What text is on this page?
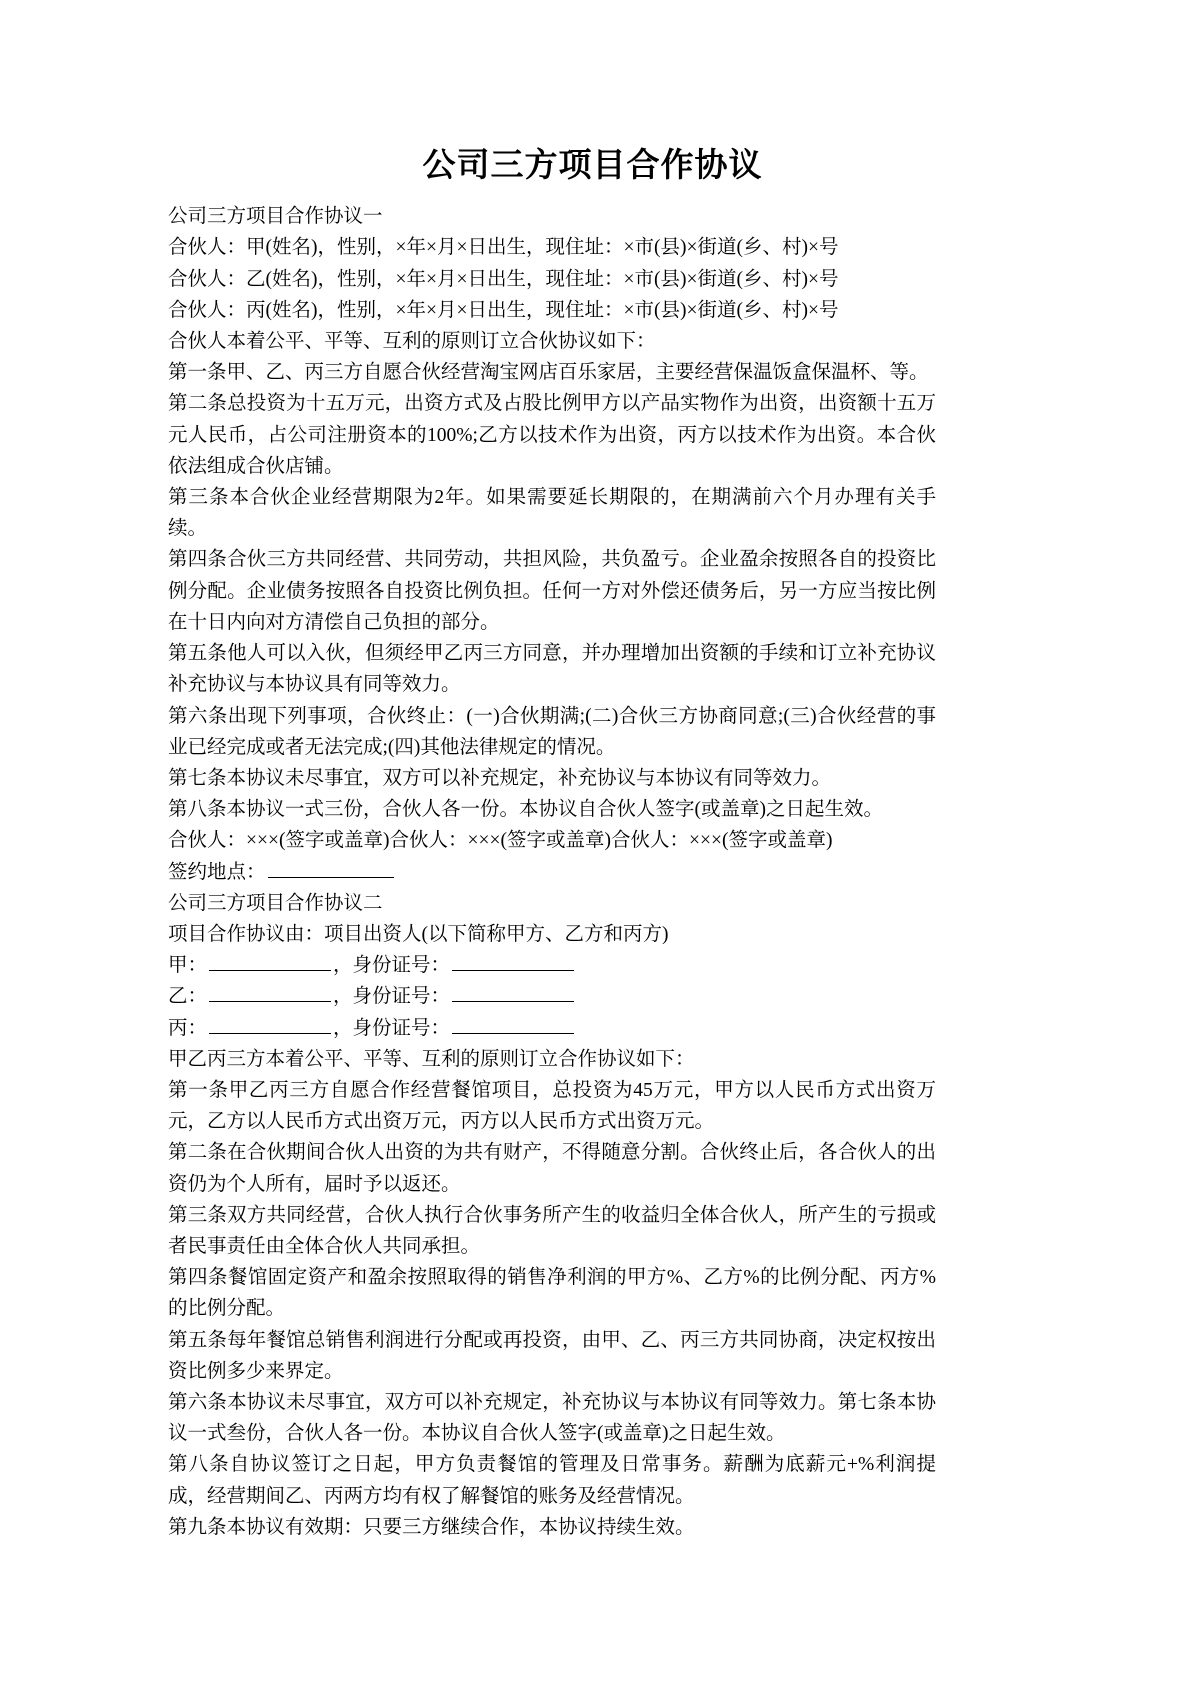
公司三方项目合作协议

公司三方项目合作协议一

合伙人：甲(姓名)，性别，×年×月×日出生，现住址：×市(县)×街道(乡、村)×号

合伙人：乙(姓名)，性别，×年×月×日出生，现住址：×市(县)×街道(乡、村)×号

合伙人：丙(姓名)，性别，×年×月×日出生，现住址：×市(县)×街道(乡、村)×号

合伙人本着公平、平等、互利的原则订立合伙协议如下：

第一条甲、乙、丙三方自愿合伙经营淘宝网店百乐家居，主要经营保温饭盒保温杯、等。

第二条总投资为十五万元，出资方式及占股比例甲方以产品实物作为出资，出资额十五万元人民币，占公司注册资本的100%;乙方以技术作为出资，丙方以技术作为出资。本合伙依法组成合伙店铺。

第三条本合伙企业经营期限为2年。如果需要延长期限的，在期满前六个月办理有关手续。

第四条合伙三方共同经营、共同劳动，共担风险，共负盈亏。企业盈余按照各自的投资比例分配。企业债务按照各自投资比例负担。任何一方对外偿还债务后，另一方应当按比例在十日内向对方清偿自己负担的部分。

第五条他人可以入伙，但须经甲乙丙三方同意，并办理增加出资额的手续和订立补充协议补充协议与本协议具有同等效力。

第六条出现下列事项，合伙终止：(一)合伙期满;(二)合伙三方协商同意;(三)合伙经营的事业已经完成或者无法完成;(四)其他法律规定的情况。

第七条本协议未尽事宜，双方可以补充规定，补充协议与本协议有同等效力。

第八条本协议一式三份，合伙人各一份。本协议自合伙人签字(或盖章)之日起生效。

合伙人：×××(签字或盖章)合伙人：×××(签字或盖章)合伙人：×××(签字或盖章)

签约地点：

公司三方项目合作协议二

项目合作协议由：项目出资人(以下简称甲方、乙方和丙方)

甲：	，身份证号：

乙：	，身份证号：

丙：	，身份证号：

甲乙丙三方本着公平、平等、互利的原则订立合作协议如下：

第一条甲乙丙三方自愿合作经营餐馆项目，总投资为45万元，甲方以人民币方式出资万元，乙方以人民币方式出资万元，丙方以人民币方式出资万元。

第二条在合伙期间合伙人出资的为共有财产，不得随意分割。合伙终止后，各合伙人的出资仍为个人所有，届时予以返还。

第三条双方共同经营，合伙人执行合伙事务所产生的收益归全体合伙人，所产生的亏损或者民事责任由全体合伙人共同承担。

第四条餐馆固定资产和盈余按照取得的销售净利润的甲方%、乙方%的比例分配、丙方%的比例分配。

第五条每年餐馆总销售利润进行分配或再投资，由甲、乙、丙三方共同协商，决定权按出资比例多少来界定。

第六条本协议未尽事宜，双方可以补充规定，补充协议与本协议有同等效力。第七条本协议一式叁份，合伙人各一份。本协议自合伙人签字(或盖章)之日起生效。

第八条自协议签订之日起，甲方负责餐馆的管理及日常事务。薪酬为底薪元+%利润提成，经营期间乙、丙两方均有权了解餐馆的账务及经营情况。

第九条本协议有效期：只要三方继续合作，本协议持续生效。
